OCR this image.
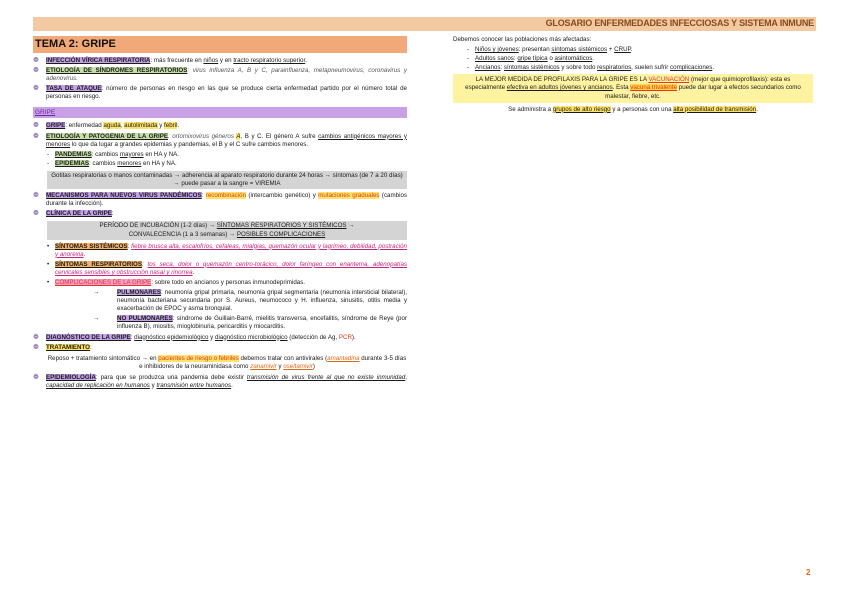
GLOSARIO ENFERMEDADES INFECCIOSAS Y SISTEMA INMUNE
TEMA 2: GRIPE
❁ INFECCIÓN VÍRICA RESPIRATORIA: más frecuente en niños y en tracto respiratorio superior.
❁ ETIOLOGÍA DE SÍNDROMES RESPIRATORIOS: virus influenza A, B y C, parainfluenza, metapneumovirus, coronavirus y adenovirus.
❁ TASA DE ATAQUE: número de personas en riesgo en las que se produce cierta enfermedad partido por el número total de personas en riesgo.
GRIPE
❁ GRIPE: enfermedad aguda, autolimitada y febril.
❁ ETIOLOGÍA Y PATOGENIA DE LA GRIPE: ortomixovirus géneros A, B y C. El género A sufre cambios antigénicos mayores y menores lo que da lugar a grandes epidemias y pandemias, el B y el C sufre cambios menores.
- PANDEMIAS: cambios mayores en HA y NA.
- EPIDEMIAS: cambios menores en HA y NA.
Gotitas respiratorias o manos contaminadas → adherencia al aparato respiratorio durante 24 horas → síntomas (de 7 a 20 días) → puede pasar a la sangre = VIREMIA
❁ MECANISMOS PARA NUEVOS VIRUS PANDÉMICOS: recombinación (intercambio genético) y mutaciones graduales (cambios durante la infección).
❁ CLÍNICA DE LA GRIPE:
PERÍODO DE INCUBACIÓN (1-2 días) → SÍNTOMAS RESPIRATORIOS Y SISTÉMICOS →
CONVALECENCIA (1 a 3 semanas) → POSIBLES COMPLICACIONES
• SÍNTOMAS SISTÉMICOS: fiebre brusca alta, escalofríos, cefaleas, mialgias, quemazón ocular y lagrimeo, debilidad, postración y anorexia.
• SÍNTOMAS RESPIRATORIOS: tos seca, dolor o quemazón centro-torácico, dolor faríngeo con enantema, adenopatías cervicales sensibles y obstrucción nasal y rinorrea.
• COMPLICACIONES DE LA GRIPE: sobre todo en ancianos y personas inmunodeprimidas.
→	PULMONARES: neumonía gripal primaria, neumonía gripal segmentaria (neumonía intersticial bilateral), neumonía bacteriana secundaria por S. Aureus, neumococo y H. influenza, sinusitis, otitis media y exacerbación de EPOC y asma bronquial.
→	NO PULMONARES: síndrome de Guillain-Barré, mielitis transversa, encefalitis, síndrome de Reye (por influenza B), miositis, mioglobinuria, pericarditis y miocarditis.
❁ DIAGNÓSTICO DE LA GRIPE: diagnóstico epidemiológico y diagnóstico microbiológico (detección de Ag, PCR).
❁ TRATAMIENTO:
Reposo + tratamiento sintomático → en pacientes de riesgo o febriles debemos tratar con antivirales (amantadina durante 3-5 días e inhibidores de la neuraminidasa como zanamivir y oseltamivir)
❁ EPIDEMIOLOGÍA: para que se produzca una pandemia debe existir transmisión de virus frente al que no existe inmunidad, capacidad de replicación en humanos y transmisión entre humanos.
Debemos conocer las poblaciones más afectadas:
- Niños y jóvenes: presentan síntomas sistémicos + CRUP.
- Adultos sanos: gripe típica o asintomáticos.
- Ancianos: síntomas sistémicos y sobre todo respiratorios, suelen sufrir complicaciones.
LA MEJOR MEDIDA DE PROFILAXIS PARA LA GRIPE ES LA VACUNACIÓN (mejor que quimioprofilaxis): esta es especialmente efectiva en adultos jóvenes y ancianos. Esta vacuna trivalente puede dar lugar a efectos secundarios como malestar, fiebre, etc.
Se administra a grupos de alto riesgo y a personas con una alta posibilidad de transmisión.
2
